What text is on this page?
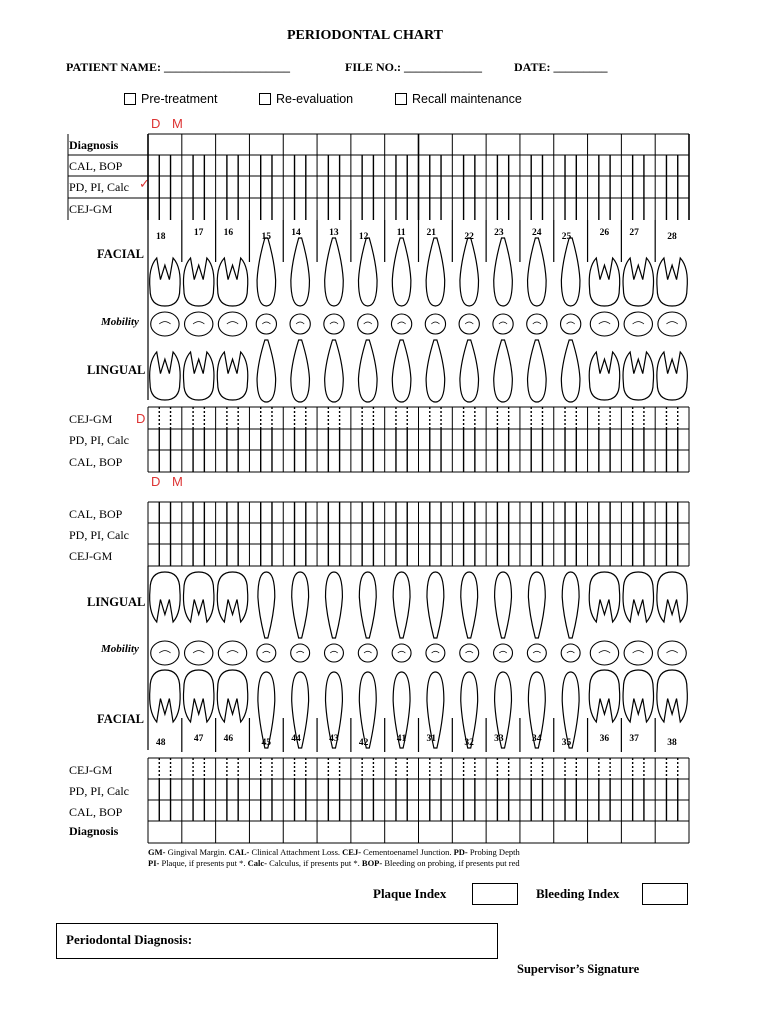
PERIODONTAL CHART
PATIENT NAME: _____________________	FILE NO.: _____________	DATE: _________
Pre-treatment	Re-evaluation	Recall maintenance
D M
✓
D
D M
Diagnosis
CAL, BOP
PD, PI, Calc
CEJ-GM
FACIAL
Mobility
LINGUAL
CEJ-GM
PD, PI, Calc
CAL, BOP
CAL, BOP
PD, PI, Calc
CEJ-GM
LINGUAL
Mobility
FACIAL
CEJ-GM
PD, PI, Calc
CAL, BOP
Diagnosis
18	17 16	15 14	13 12	11 21	22 23	24 25	26 27	28
48	47 46	45 44	43 42	41 31	32 33	34 35	36 37	38
GM- Gingival Margin. CAL- Clinical Attachment Loss. CEJ- Cementoenamel Junction. PD- Probing Depth
PI- Plaque, if presents put *. Calc- Calculus, if presents put *. BOP- Bleeding on probing, if presents put red
Plaque Index	Bleeding Index
Periodontal Diagnosis:
Supervisor’s Signature
